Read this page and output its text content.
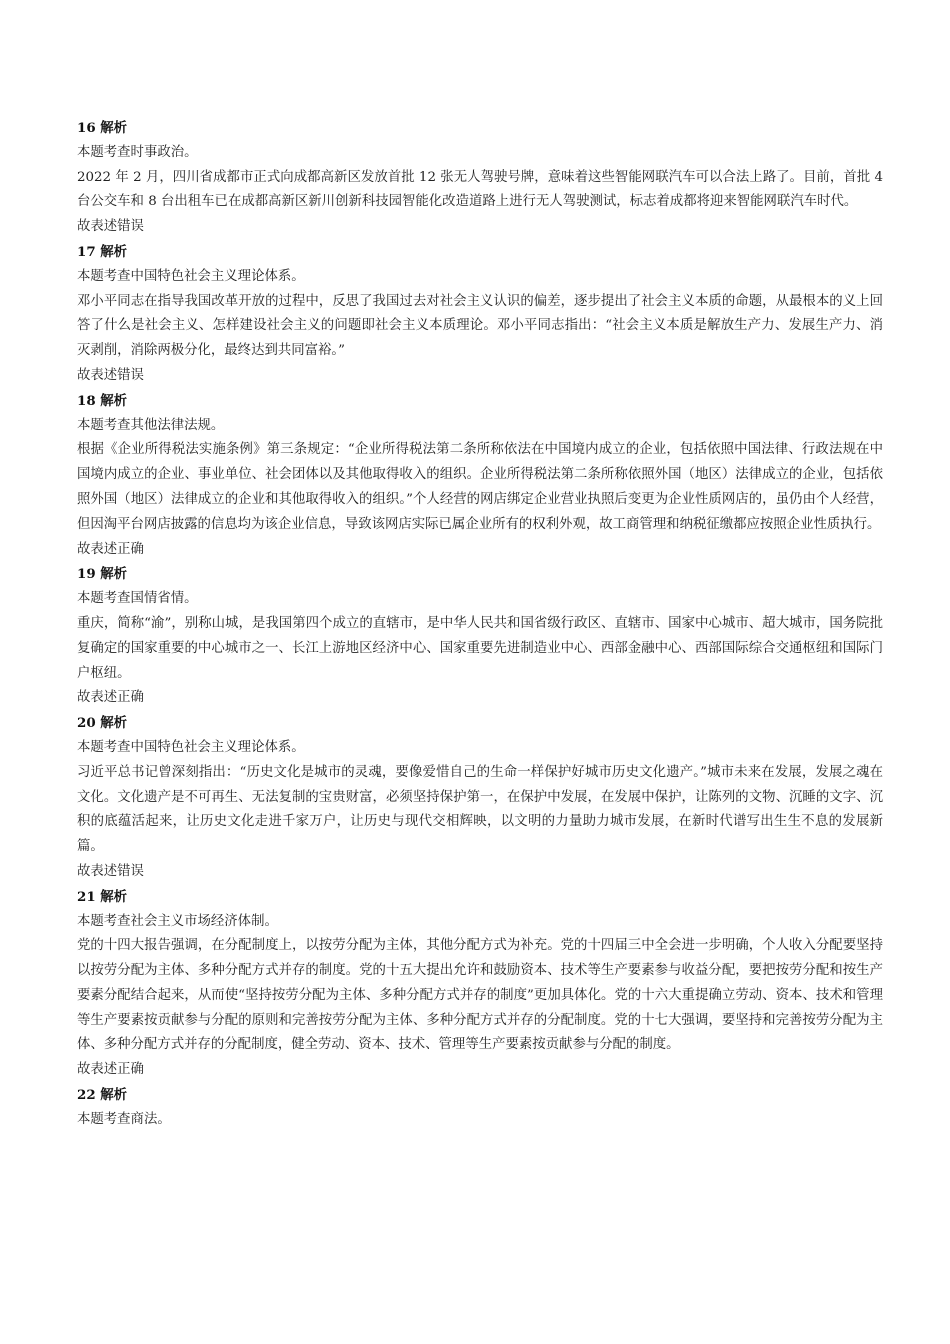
16 解析

本题考查时事政治。

2022 年 2 月，四川省成都市正式向成都高新区发放首批 12 张无人驾驶号牌，意味着这些智能网联汽车可以合法上路了。目前，首批 4 台公交车和 8 台出租车已在成都高新区新川创新科技园智能化改造道路上进行无人驾驶测试，标志着成都将迎来智能网联汽车时代。

故表述错误

17 解析

本题考查中国特色社会主义理论体系。

邓小平同志在指导我国改革开放的过程中，反思了我国过去对社会主义认识的偏差，逐步提出了社会主义本质的命题，从最根本的义上回答了什么是社会主义、怎样建设社会主义的问题即社会主义本质理论。邓小平同志指出：“社会主义本质是解放生产力、发展生产力、消灭剥削，消除两极分化，最终达到共同富裕。”

故表述错误

18 解析

本题考查其他法律法规。

根据《企业所得税法实施条例》第三条规定：“企业所得税法第二条所称依法在中国境内成立的企业，包括依照中国法律、行政法规在中国境内成立的企业、事业单位、社会团体以及其他取得收入的组织。企业所得税法第二条所称依照外国（地区）法律成立的企业，包括依照外国（地区）法律成立的企业和其他取得收入的组织。”个人经营的网店绑定企业营业执照后变更为企业性质网店的，虽仍由个人经营，但因淘平台网店披露的信息均为该企业信息，导致该网店实际已属企业所有的权利外观，故工商管理和纳税征缴都应按照企业性质执行。

故表述正确

19 解析

本题考查国情省情。

重庆，简称“渝”，别称山城，是我国第四个成立的直辖市，是中华人民共和国省级行政区、直辖市、国家中心城市、超大城市，国务院批复确定的国家重要的中心城市之一、长江上游地区经济中心、国家重要先进制造业中心、西部金融中心、西部国际综合交通枢纽和国际门户枢纽。

故表述正确

20 解析

本题考查中国特色社会主义理论体系。

习近平总书记曾深刻指出：“历史文化是城市的灵魂，要像爱惜自己的生命一样保护好城市历史文化遗产。”城市未来在发展，发展之魂在文化。文化遗产是不可再生、无法复制的宝贵财富，必须坚持保护第一，在保护中发展，在发展中保护，让陈列的文物、沉睡的文字、沉积的底蕴活起来，让历史文化走进千家万户，让历史与现代交相辉映，以文明的力量助力城市发展，在新时代谱写出生生不息的发展新篇。

故表述错误

21 解析

本题考查社会主义市场经济体制。

党的十四大报告强调，在分配制度上，以按劳分配为主体，其他分配方式为补充。党的十四届三中全会进一步明确，个人收入分配要坚持以按劳分配为主体、多种分配方式并存的制度。党的十五大提出允许和鼓励资本、技术等生产要素参与收益分配，要把按劳分配和按生产要素分配结合起来，从而使“坚持按劳分配为主体、多种分配方式并存的制度”更加具体化。党的十六大重提确立劳动、资本、技术和管理等生产要素按贡献参与分配的原则和完善按劳分配为主体、多种分配方式并存的分配制度。党的十七大强调，要坚持和完善按劳分配为主体、多种分配方式并存的分配制度，健全劳动、资本、技术、管理等生产要素按贡献参与分配的制度。

故表述正确

22 解析

本题考查商法。
